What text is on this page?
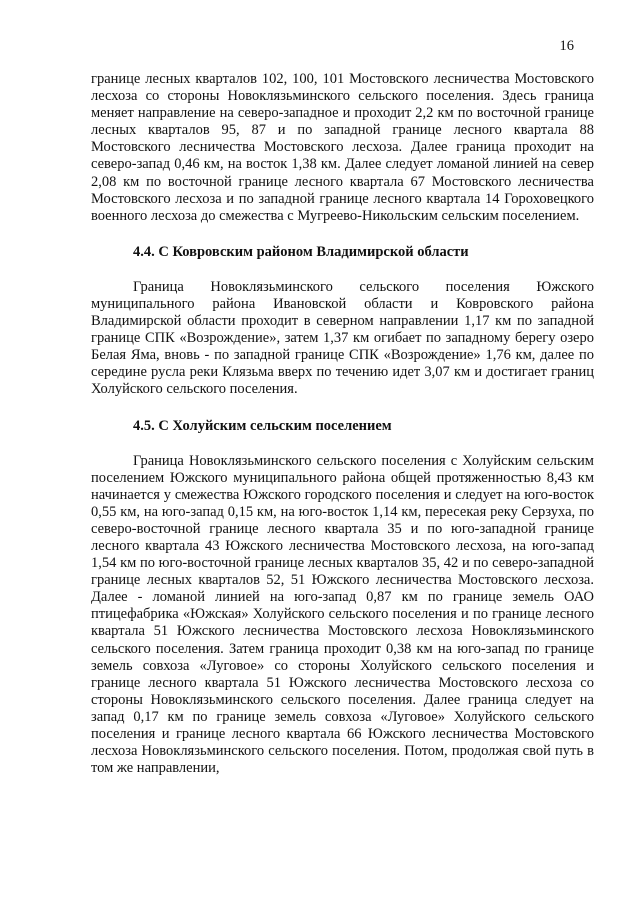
16

границе лесных кварталов 102, 100, 101 Мостовского лесничества Мостовского лесхоза со стороны Новоклязьминского сельского поселения. Здесь граница меняет направление на северо-западное и проходит 2,2 км по восточной границе лесных кварталов 95, 87 и по западной границе лесного квартала 88 Мостовского лесничества Мостовского лесхоза. Далее граница проходит на северо-запад 0,46 км, на восток 1,38 км. Далее следует ломаной линией на север 2,08 км по восточной границе лесного квартала 67 Мостовского лесничества Мостовского лесхоза и по западной границе лесного квартала 14 Гороховецкого военного лесхоза до смежества с Мугреево-Никольским сельским поселением.

4.4. С Ковровским районом Владимирской области

Граница Новоклязьминского сельского поселения Южского муниципального района Ивановской области и Ковровского района Владимирской области проходит в северном направлении 1,17 км по западной границе СПК «Возрождение», затем 1,37 км огибает по западному берегу озеро Белая Яма, вновь - по западной границе СПК «Возрождение» 1,76 км, далее по середине русла реки Клязьма вверх по течению идет 3,07 км и достигает границ Холуйского сельского поселения.

4.5. С Холуйским сельским поселением

Граница Новоклязьминского сельского поселения с Холуйским сельским поселением Южского муниципального района общей протяженностью 8,43 км начинается у смежества Южского городского поселения и следует на юго-восток 0,55 км, на юго-запад 0,15 км, на юго-восток 1,14 км, пересекая реку Серзуха, по северо-восточной границе лесного квартала 35 и по юго-западной границе лесного квартала 43 Южского лесничества Мостовского лесхоза, на юго-запад 1,54 км по юго-восточной границе лесных кварталов 35, 42 и по северо-западной границе лесных кварталов 52, 51 Южского лесничества Мостовского лесхоза. Далее - ломаной линией на юго-запад 0,87 км по границе земель ОАО птицефабрика «Южская» Холуйского сельского поселения и по границе лесного квартала 51 Южского лесничества Мостовского лесхоза Новоклязьминского сельского поселения. Затем граница проходит 0,38 км на юго-запад по границе земель совхоза «Луговое» со стороны Холуйского сельского поселения и границе лесного квартала 51 Южского лесничества Мостовского лесхоза со стороны Новоклязьминского сельского поселения. Далее граница следует на запад 0,17 км по границе земель совхоза «Луговое» Холуйского сельского поселения и границе лесного квартала 66 Южского лесничества Мостовского лесхоза Новоклязьминского сельского поселения. Потом, продолжая свой путь в том же направлении,
